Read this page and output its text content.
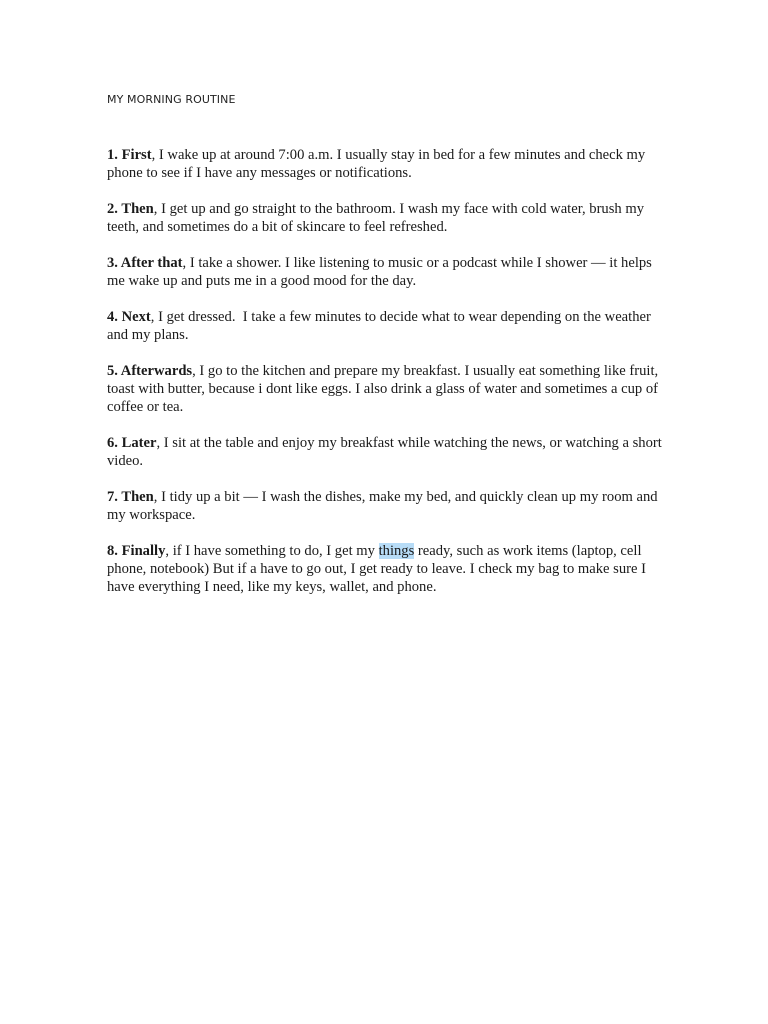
MY MORNING ROUTINE

1. First, I wake up at around 7:00 a.m. I usually stay in bed for a few minutes and check my phone to see if I have any messages or notifications.

2. Then, I get up and go straight to the bathroom. I wash my face with cold water, brush my teeth, and sometimes do a bit of skincare to feel refreshed.

3. After that, I take a shower. I like listening to music or a podcast while I shower — it helps me wake up and puts me in a good mood for the day.

4. Next, I get dressed.  I take a few minutes to decide what to wear depending on the weather and my plans.

5. Afterwards, I go to the kitchen and prepare my breakfast. I usually eat something like fruit, toast with butter, because i dont like eggs. I also drink a glass of water and sometimes a cup of coffee or tea.

6. Later, I sit at the table and enjoy my breakfast while watching the news, or watching a short video.

7. Then, I tidy up a bit — I wash the dishes, make my bed, and quickly clean up my room and my workspace.

8. Finally, if I have something to do, I get my things ready, such as work items (laptop, cell phone, notebook) But if a have to go out, I get ready to leave. I check my bag to make sure I have everything I need, like my keys, wallet, and phone.
